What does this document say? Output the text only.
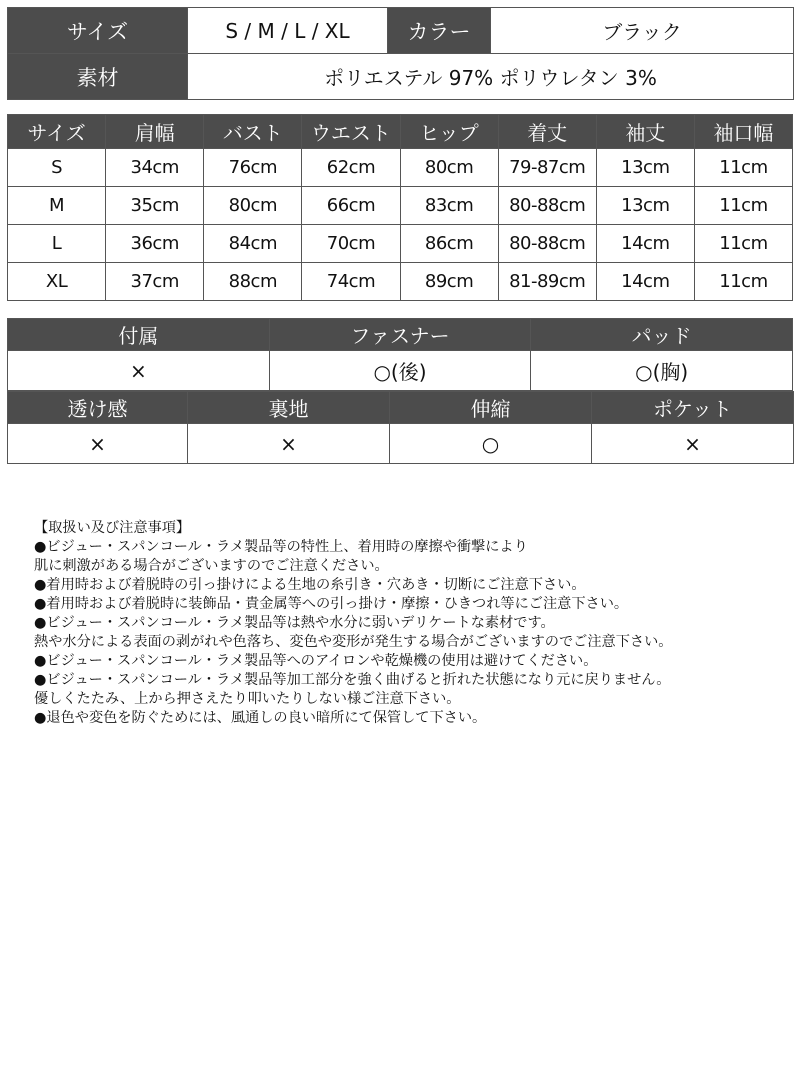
サイズ	S / M / L / XL	カラー	ブラック
素材	ポリエステル 97% ポリウレタン 3%		
サイズ	肩幅	バスト	ウエスト	ヒップ	着丈	袖丈	袖口幅
S	34cm	76cm	62cm	80cm	79-87cm	13cm	11cm
M	35cm	80cm	66cm	83cm	80-88cm	13cm	11cm
L	36cm	84cm	70cm	86cm	80-88cm	14cm	11cm
XL	37cm	88cm	74cm	89cm	81-89cm	14cm	11cm
付属	ファスナー	パッド
×	○(後)	○(胸)
透け感	裏地	伸縮	ポケット
×	×	○	×
【取扱い及び注意事項】
●ビジュー・スパンコール・ラメ製品等の特性上、着用時の摩擦や衝撃により
肌に刺激がある場合がございますのでご注意ください。
●着用時および着脱時の引っ掛けによる生地の糸引き・穴あき・切断にご注意下さい。
●着用時および着脱時に装飾品・貴金属等への引っ掛け・摩擦・ひきつれ等にご注意下さい。
●ビジュー・スパンコール・ラメ製品等は熱や水分に弱いデリケートな素材です。
熱や水分による表面の剥がれや色落ち、変色や変形が発生する場合がございますのでご注意下さい。
●ビジュー・スパンコール・ラメ製品等へのアイロンや乾燥機の使用は避けてください。
●ビジュー・スパンコール・ラメ製品等加工部分を強く曲げると折れた状態になり元に戻りません。
優しくたたみ、上から押さえたり叩いたりしない様ご注意下さい。
●退色や変色を防ぐためには、風通しの良い暗所にて保管して下さい。
